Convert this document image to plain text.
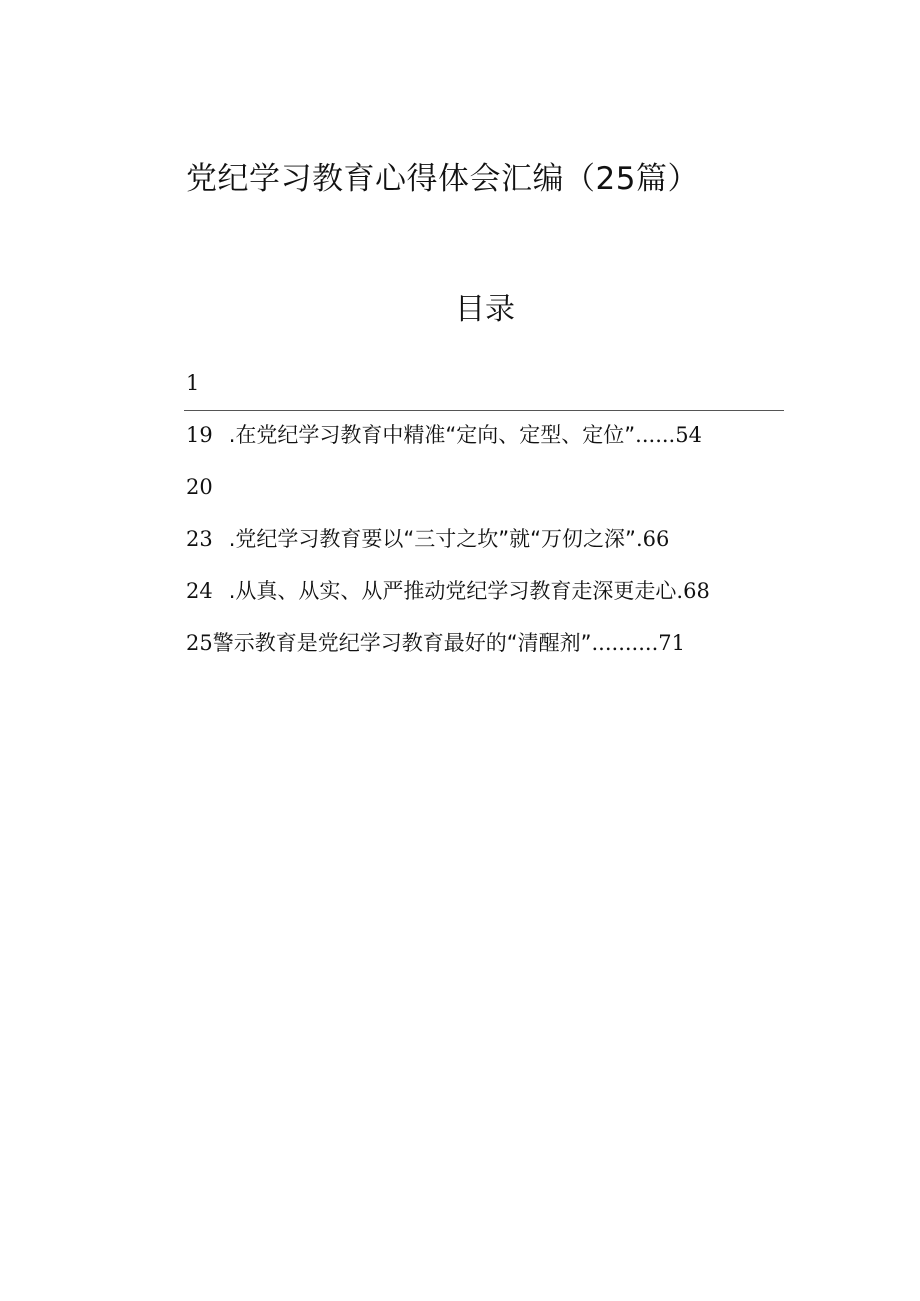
党纪学习教育心得体会汇编（25篇）
目录
1
19 .在党纪学习教育中精准“定向、定型、定位”......54
20
23 .党纪学习教育要以“三寸之坎”就“万仞之深”.66
24 .从真、从实、从严推动党纪学习教育走深更走心.68
25警示教育是党纪学习教育最好的“清醒剂”..........71
